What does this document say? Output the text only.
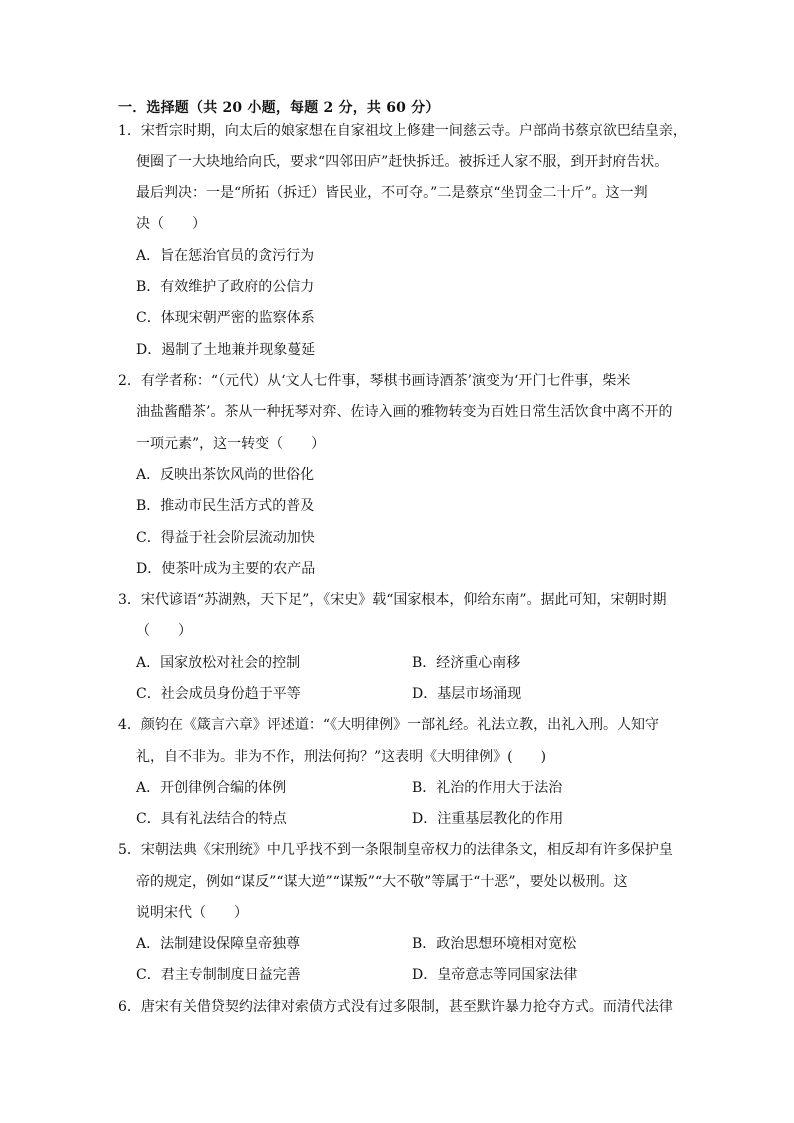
一．选择题（共 20 小题，每题 2 分，共 60 分）
1．宋哲宗时期，向太后的娘家想在自家祖坟上修建一间慈云寺。户部尚书蔡京欲巴结皇亲，
便圈了一大块地给向氏，要求“四邻田庐”赶快拆迁。被拆迁人家不服，到开封府告状。
最后判决：一是“所拓（拆迁）皆民业，不可夺。”二是蔡京“坐罚金二十斤”。这一判
决（　　）
A．旨在惩治官员的贪污行为
B．有效维护了政府的公信力
C．体现宋朝严密的监察体系
D．遏制了土地兼并现象蔓延
2．有学者称：“（元代）从‘文人七件事，琴棋书画诗酒茶’演变为‘开门七件事，柴米
油盐酱醋茶’。茶从一种抚琴对弈、佐诗入画的雅物转变为百姓日常生活饮食中离不开的
一项元素”，这一转变（　　）
A．反映出茶饮风尚的世俗化
B．推动市民生活方式的普及
C．得益于社会阶层流动加快
D．使茶叶成为主要的农产品
3．宋代谚语“苏湖熟，天下足”，《宋史》载“国家根本，仰给东南”。据此可知，宋朝时期
（　　）
A．国家放松对社会的控制	B．经济重心南移
C．社会成员身份趋于平等	D．基层市场涌现
4．颜钧在《箴言六章》评述道：“《大明律例》一部礼经。礼法立教，出礼入刑。人知守
礼，自不非为。非为不作，刑法何拘？”这表明《大明律例》(　　)
A．开创律例合编的体例	B．礼治的作用大于法治
C．具有礼法结合的特点	D．注重基层教化的作用
5．宋朝法典《宋刑统》中几乎找不到一条限制皇帝权力的法律条文，相反却有许多保护皇
帝的规定，例如“谋反”“谋大逆”“谋叛”“大不敬”等属于“十恶”，要处以极刑。这
说明宋代（　　）
A．法制建设保障皇帝独尊	B．政治思想环境相对宽松
C．君主专制制度日益完善	D．皇帝意志等同国家法律
6．唐宋有关借贷契约法律对索债方式没有过多限制，甚至默许暴力抢夺方式。而清代法律
